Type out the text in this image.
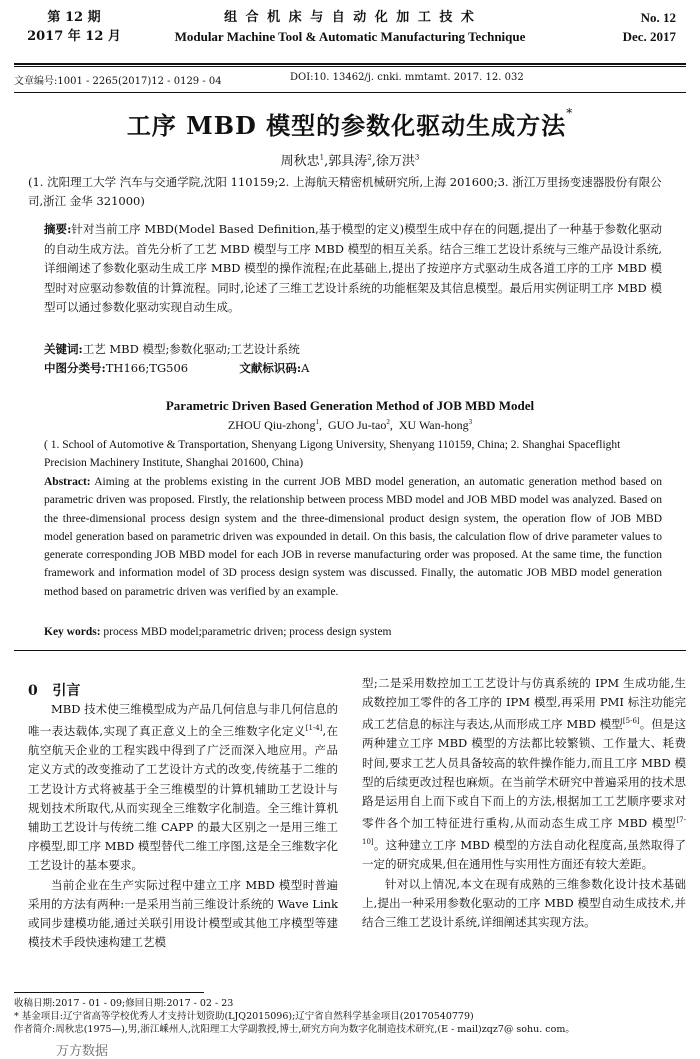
第 12 期
2017 年 12 月
组 合 机 床 与 自 动 化 加 工 技 术
Modular Machine Tool & Automatic Manufacturing Technique
No. 12
Dec. 2017
文章编号:1001 - 2265(2017)12 - 0129 - 04	DOI:10. 13462/j. cnki. mmtamt. 2017. 12. 032
工序 MBD 模型的参数化驱动生成方法*
周秋忠$^1$,郭具涛$^2$,徐万洪$^3$
(1. 沈阳理工大学 汽车与交通学院,沈阳 110159;2. 上海航天精密机械研究所,上海 201600;3. 浙江万里扬变速器股份有限公司,浙江 金华 321000)
摘要:针对当前工序 MBD(Model Based Definition,基于模型的定义)模型生成中存在的问题,提出了一种基于参数化驱动的自动生成方法。首先分析了工艺 MBD 模型与工序 MBD 模型的相互关系。结合三维工艺设计系统与三维产品设计系统,详细阐述了参数化驱动生成工序 MBD 模型的操作流程;在此基础上,提出了按逆序方式驱动生成各道工序的工序 MBD 模型时对应驱动参数值的计算流程。同时,论述了三维工艺设计系统的功能框架及其信息模型。最后用实例证明工序 MBD 模型可以通过参数化驱动实现自动生成。
关键词:工艺 MBD 模型;参数化驱动;工艺设计系统
中图分类号:TH166;TG506	文献标识码:A
Parametric Driven Based Generation Method of JOB MBD Model
ZHOU Qiu-zhong$^1$,  GUO Ju-tao$^2$,  XU Wan-hong$^3$
( 1. School of Automotive & Transportation, Shenyang Ligong University, Shenyang 110159, China; 2. Shanghai Spaceflight Precision Machinery Institute, Shanghai 201600, China)
Abstract: Aiming at the problems existing in the current JOB MBD model generation, an automatic generation method based on parametric driven was proposed. Firstly, the relationship between process MBD model and JOB MBD model was analyzed. Based on the three-dimensional process design system and the three-dimensional product design system, the operation flow of JOB MBD model generation based on parametric driven was expounded in detail. On this basis, the calculation flow of drive parameter values to generate corresponding JOB MBD model for each JOB in reverse manufacturing order was proposed. At the same time, the function framework and information model of 3D process design system was discussed. Finally, the automatic JOB MBD model generation method based on parametric driven was verified by an example.
Key words: process MBD model;parametric driven; process design system
0 引言

MBD 技术使三维模型成为产品几何信息与非几何信息的唯一表达载体,实现了真正意义上的全三维数字化定义[1-4],在航空航天企业的工程实践中得到了广泛而深入地应用。产品定义方式的改变推动了工艺设计方式的改变,传统基于二维的工艺设计方式将被基于全三维模型的计算机辅助工艺设计与规划技术所取代,从而实现全三维数字化制造。全三维计算机辅助工艺设计与传统二维 CAPP 的最大区别之一是用三维工序模型,即工序 MBD 模型替代二维工序图,这是全三维数字化工艺设计的基本要求。

当前企业在生产实际过程中建立工序 MBD 模型时普遍采用的方法有两种:一是采用当前三维设计系统的 Wave Link 或同步建模功能,通过关联引用设计模型或其他工序模型等建模技术手段快速构建工艺模

型;二是采用数控加工工艺设计与仿真系统的 IPM 生成功能,生成数控加工零件的各工序的 IPM 模型,再采用 PMI 标注功能完成工艺信息的标注与表达,从而形成工序 MBD 模型[5-6]。但是这两种建立工序 MBD 模型的方法都比较繁锁、工作量大、耗费时间,要求工艺人员具备较高的软件操作能力,而且工序 MBD 模型的后续更改过程也麻烦。在当前学术研究中普遍采用的技术思路是运用自上而下或自下而上的方法,根据加工工艺顺序要求对零件各个加工特征进行重构,从而动态生成工序 MBD 模型[7-10]。这种建立工序 MBD 模型的方法自动化程度高,虽然取得了一定的研究成果,但在通用性与实用性方面还有较大差距。

针对以上情况,本文在现有成熟的三维参数化设计技术基础上,提出一种采用参数化驱动的工序 MBD 模型自动生成技术,并结合三维工艺设计系统,详细阐述其实现方法。

收稿日期:2017 - 01 - 09;修回日期:2017 - 02 - 23
* 基金项目:辽宁省高等学校优秀人才支持计划资助(LJQ2015096);辽宁省自然科学基金项目(20170540779)
作者简介:周秋忠(1975—),男,浙江嵊州人,沈阳理工大学副教授,博士,研究方向为数字化制造技术研究,(E - mail)zqz7@ sohu. com。
万方数据
